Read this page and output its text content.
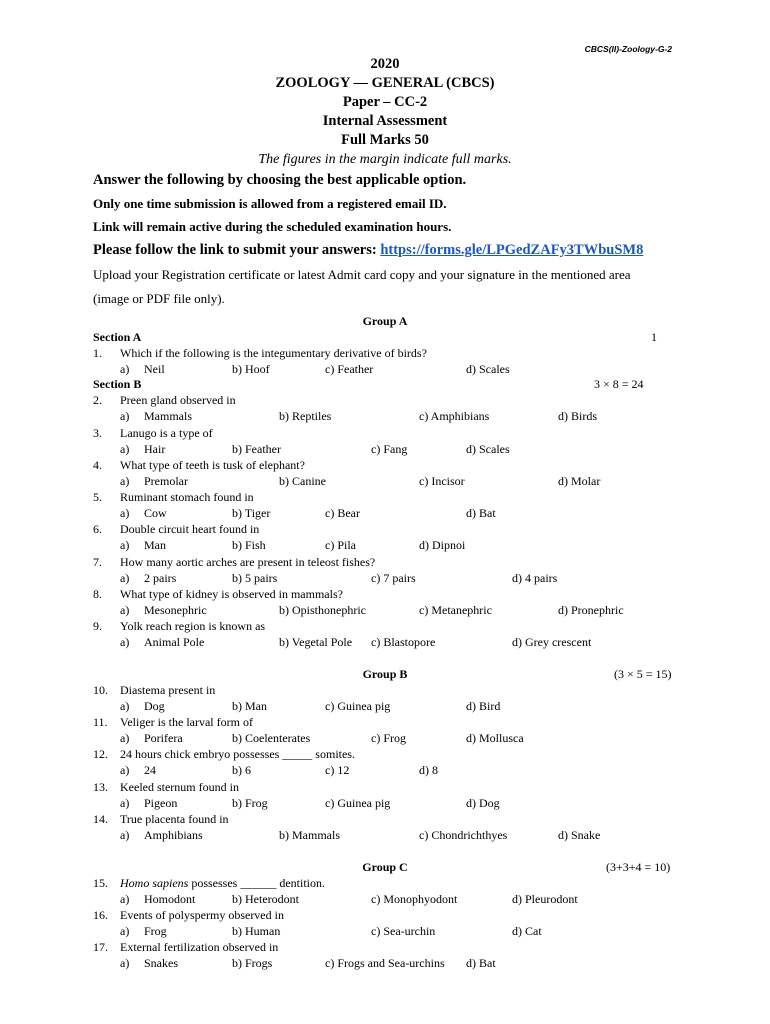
CBCS(II)-Zoology-G-2
2020
ZOOLOGY — GENERAL (CBCS)
Paper – CC-2
Internal Assessment
Full Marks 50
The figures in the margin indicate full marks.
Answer the following by choosing the best applicable option.
Only one time submission is allowed from a registered email ID.
Link will remain active during the scheduled examination hours.
Please follow the link to submit your answers: https://forms.gle/LPGedZAFy3TWbuSM8
Upload your Registration certificate or latest Admit card copy and your signature in the mentioned area
(image or PDF file only).
Group A
Section A	1
Section B	3 × 8 = 24
Group B	(3 × 5 = 15)
Group C	(3+3+4 = 10)
1. Which if the following is the integumentary derivative of birds?
a) Neil	b) Hoof	c) Feather	d) Scales
2. Preen gland observed in
a) Mammals	b) Reptiles	c) Amphibians	d) Birds
3. Lanugo is a type of
a) Hair	b) Feather	c) Fang	d) Scales
4. What type of teeth is tusk of elephant?
a) Premolar	b) Canine	c) Incisor	d) Molar
5. Ruminant stomach found in
a) Cow	b) Tiger	c) Bear	d) Bat
6. Double circuit heart found in
a) Man	b) Fish	c) Pila	d) Dipnoi
7. How many aortic arches are present in teleost fishes?
a) 2 pairs	b) 5 pairs	c) 7 pairs	d) 4 pairs
8. What type of kidney is observed in mammals?
a) Mesonephric	b) Opisthonephric	c) Metanephric	d) Pronephric
9. Yolk reach region is known as
a) Animal Pole	b) Vegetal Pole c) Blastopore	d) Grey crescent
10. Diastema present in
a) Dog	b) Man	c) Guinea pig	d) Bird
11. Veliger is the larval form of
a) Porifera	b) Coelenterates	c) Frog	d) Mollusca
12. 24 hours chick embryo possesses _____ somites.
a) 24	b) 6	c) 12	d) 8
13. Keeled sternum found in
a) Pigeon	b) Frog	c) Guinea pig	d) Dog
14. True placenta found in
a) Amphibians	b) Mammals	c) Chondrichthyes	d) Snake
15. Homo sapiens possesses ______ dentition.
a) Homodont	b) Heterodont	c) Monophyodont	d) Pleurodont
16. Events of polyspermy observed in
a) Frog	b) Human	c) Sea-urchin	d) Cat
17. External fertilization observed in
a) Snakes	b) Frogs	c) Frogs and Sea-urchins d) Bat
